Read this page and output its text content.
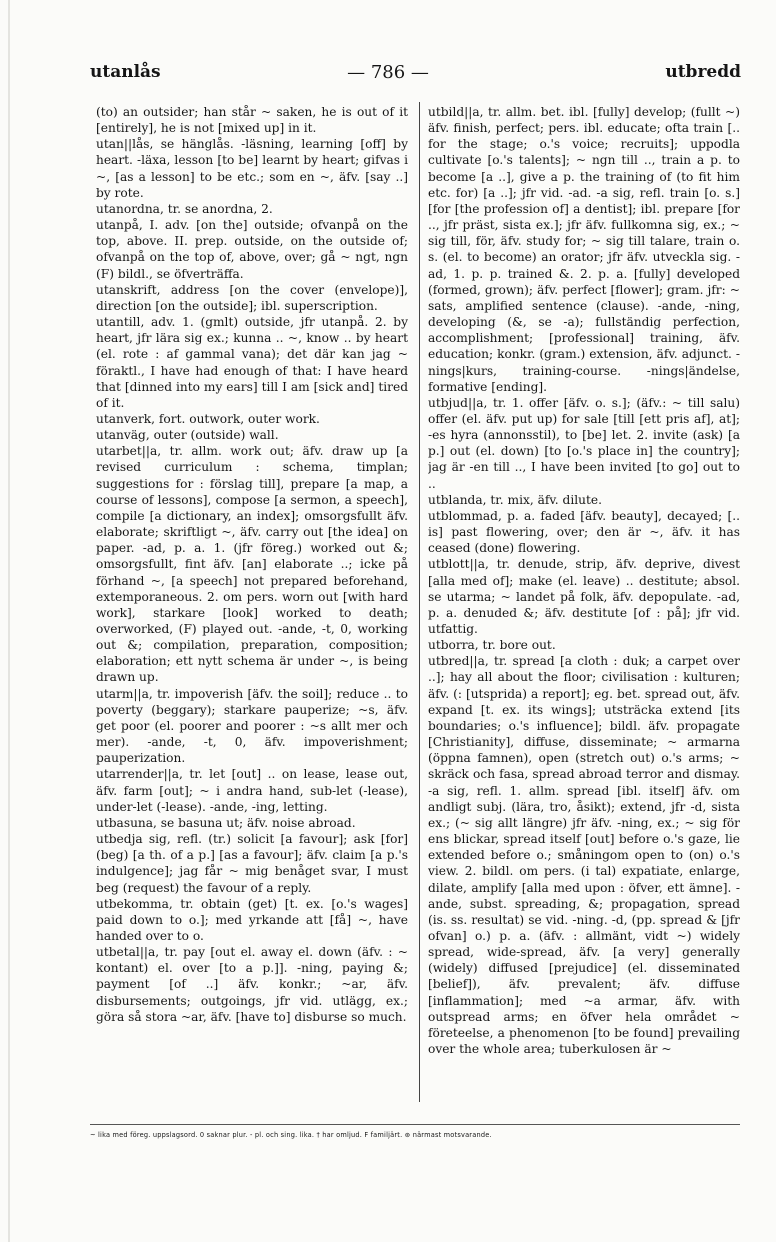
utanlås	— 786 —	utbredd

(to) an outsider; han står ~ saken, he is out of it [entirely], he is not [mixed up] in it.

utan||lås, se hänglås. -läsning, learning [off] by heart. -läxa, lesson [to be] learnt by heart; gifvas i ~, [as a lesson] to be etc.; som en ~, äfv. [say ..] by rote.

utanordna, tr. se anordna, 2.

utanpå, I. adv. [on the] outside; ofvanpå on the top, above. II. prep. outside, on the outside of; ofvanpå on the top of, above, over; gå ~ ngt, ngn (F) bildl., se öfverträffa.

utanskrift, address [on the cover (envelope)], direction [on the outside]; ibl. superscription.

utantill, adv. 1. (gmlt) outside, jfr utanpå. 2. by heart, jfr lära sig ex.; kunna .. ~, know .. by heart (el. rote : af gammal vana); det där kan jag ~ föraktl., I have had enough of that: I have heard that [dinned into my ears] till I am [sick and] tired of it.

utanverk, fort. outwork, outer work.

utanväg, outer (outside) wall.

utarbet||a, tr. allm. work out; äfv. draw up [a revised curriculum : schema, timplan; suggestions for : förslag till], prepare [a map, a course of lessons], compose [a sermon, a speech], compile [a dictionary, an index]; omsorgsfullt äfv. elaborate; skriftligt ~, äfv. carry out [the idea] on paper. -ad, p. a. 1. (jfr föreg.) worked out &; omsorgsfullt, fint äfv. [an] elaborate ..; icke på förhand ~, [a speech] not prepared beforehand, extemporaneous. 2. om pers. worn out [with hard work], starkare [look] worked to death; overworked, (F) played out. -ande, -t, 0, working out &; compilation, preparation, composition; elaboration; ett nytt schema är under ~, is being drawn up.

utarm||a, tr. impoverish [äfv. the soil]; reduce .. to poverty (beggary); starkare pauperize; ~s, äfv. get poor (el. poorer and poorer : ~s allt mer och mer). -ande, -t, 0, äfv. impoverishment; pauperization.

utarrender||a, tr. let [out] .. on lease, lease out, äfv. farm [out]; ~ i andra hand, sub-let (-lease), under-let (-lease). -ande, -ing, letting.

utbasuna, se basuna ut; äfv. noise abroad.

utbedja sig, refl. (tr.) solicit [a favour]; ask [for] (beg) [a th. of a p.] [as a favour]; äfv. claim [a p.'s indulgence]; jag får ~ mig benåget svar, I must beg (request) the favour of a reply.

utbekomma, tr. obtain (get) [t. ex. [o.'s wages] paid down to o.]; med yrkande att [få] ~, have handed over to o.

utbetal||a, tr. pay [out el. away el. down (äfv. : ~ kontant) el. over [to a p.]]. -ning, paying &; payment [of ..] äfv. konkr.; ~ar, äfv. disbursements; outgoings, jfr vid. utlägg, ex.; göra så stora ~ar, äfv. [have to] disburse so much.

utbild||a, tr. allm. bet. ibl. [fully] develop; (fullt ~) äfv. finish, perfect; pers. ibl. educate; ofta train [.. for the stage; o.'s voice; recruits]; uppodla cultivate [o.'s talents]; ~ ngn till .., train a p. to become [a ..], give a p. the training of (to fit him etc. for) [a ..]; jfr vid. -ad. -a sig, refl. train [o. s.] [for [the profession of] a dentist]; ibl. prepare [for .., jfr präst, sista ex.]; jfr äfv. fullkomna sig, ex.; ~ sig till, för, äfv. study for; ~ sig till talare, train o. s. (el. to become) an orator; jfr äfv. utveckla sig. -ad, 1. p. p. trained &. 2. p. a. [fully] developed (formed, grown); äfv. perfect [flower]; gram. jfr: ~ sats, amplified sentence (clause). -ande, -ning, developing (&, se -a); fullständig perfection, accomplishment; [professional] training, äfv. education; konkr. (gram.) extension, äfv. adjunct. -nings|kurs, training-course. -nings|ändelse, formative [ending].

utbjud||a, tr. 1. offer [äfv. o. s.]; (äfv.: ~ till salu) offer (el. äfv. put up) for sale [till [ett pris af], at]; -es hyra (annonsstil), to [be] let. 2. invite (ask) [a p.] out (el. down) [to [o.'s place in] the country]; jag är -en till .., I have been invited [to go] out to ..

utblanda, tr. mix, äfv. dilute.

utblommad, p. a. faded [äfv. beauty], decayed; [.. is] past flowering, over; den är ~, äfv. it has ceased (done) flowering.

utblott||a, tr. denude, strip, äfv. deprive, divest [alla med of]; make (el. leave) .. destitute; absol. se utarma; ~ landet på folk, äfv. depopulate. -ad, p. a. denuded &; äfv. destitute [of : på]; jfr vid. utfattig.

utborra, tr. bore out.

utbred||a, tr. spread [a cloth : duk; a carpet over ..]; hay all about the floor; civilisation : kulturen; äfv. (: [utsprida) a report]; eg. bet. spread out, äfv. expand [t. ex. its wings]; utsträcka extend [its boundaries; o.'s influence]; bildl. äfv. propagate [Christianity], diffuse, disseminate; ~ armarna (öppna famnen), open (stretch out) o.'s arms; ~ skräck och fasa, spread abroad terror and dismay. -a sig, refl. 1. allm. spread [ibl. itself] äfv. om andligt subj. (lära, tro, åsikt); extend, jfr -d, sista ex.; (~ sig allt längre) jfr äfv. -ning, ex.; ~ sig för ens blickar, spread itself [out] before o.'s gaze, lie extended before o.; småningom open to (on) o.'s view. 2. bildl. om pers. (i tal) expatiate, enlarge, dilate, amplify [alla med upon : öfver, ett ämne]. -ande, subst. spreading, &; propagation, spread (is. ss. resultat) se vid. -ning. -d, (pp. spread & [jfr ofvan] o.) p. a. (äfv. : allmänt, vidt ~) widely spread, wide-spread, äfv. [a very] generally (widely) diffused [prejudice] (el. disseminated [belief]), äfv. prevalent; äfv. diffuse [inflammation]; med ~a armar, äfv. with outspread arms; en öfver hela området ~ företeelse, a phenomenon [to be found] prevailing over the whole area; tuberkulosen är ~

~ lika med föreg. uppslagsord. 0 saknar plur. - pl. och sing. lika. † har omljud. F familjärt. ⊛ närmast motsvarande.
